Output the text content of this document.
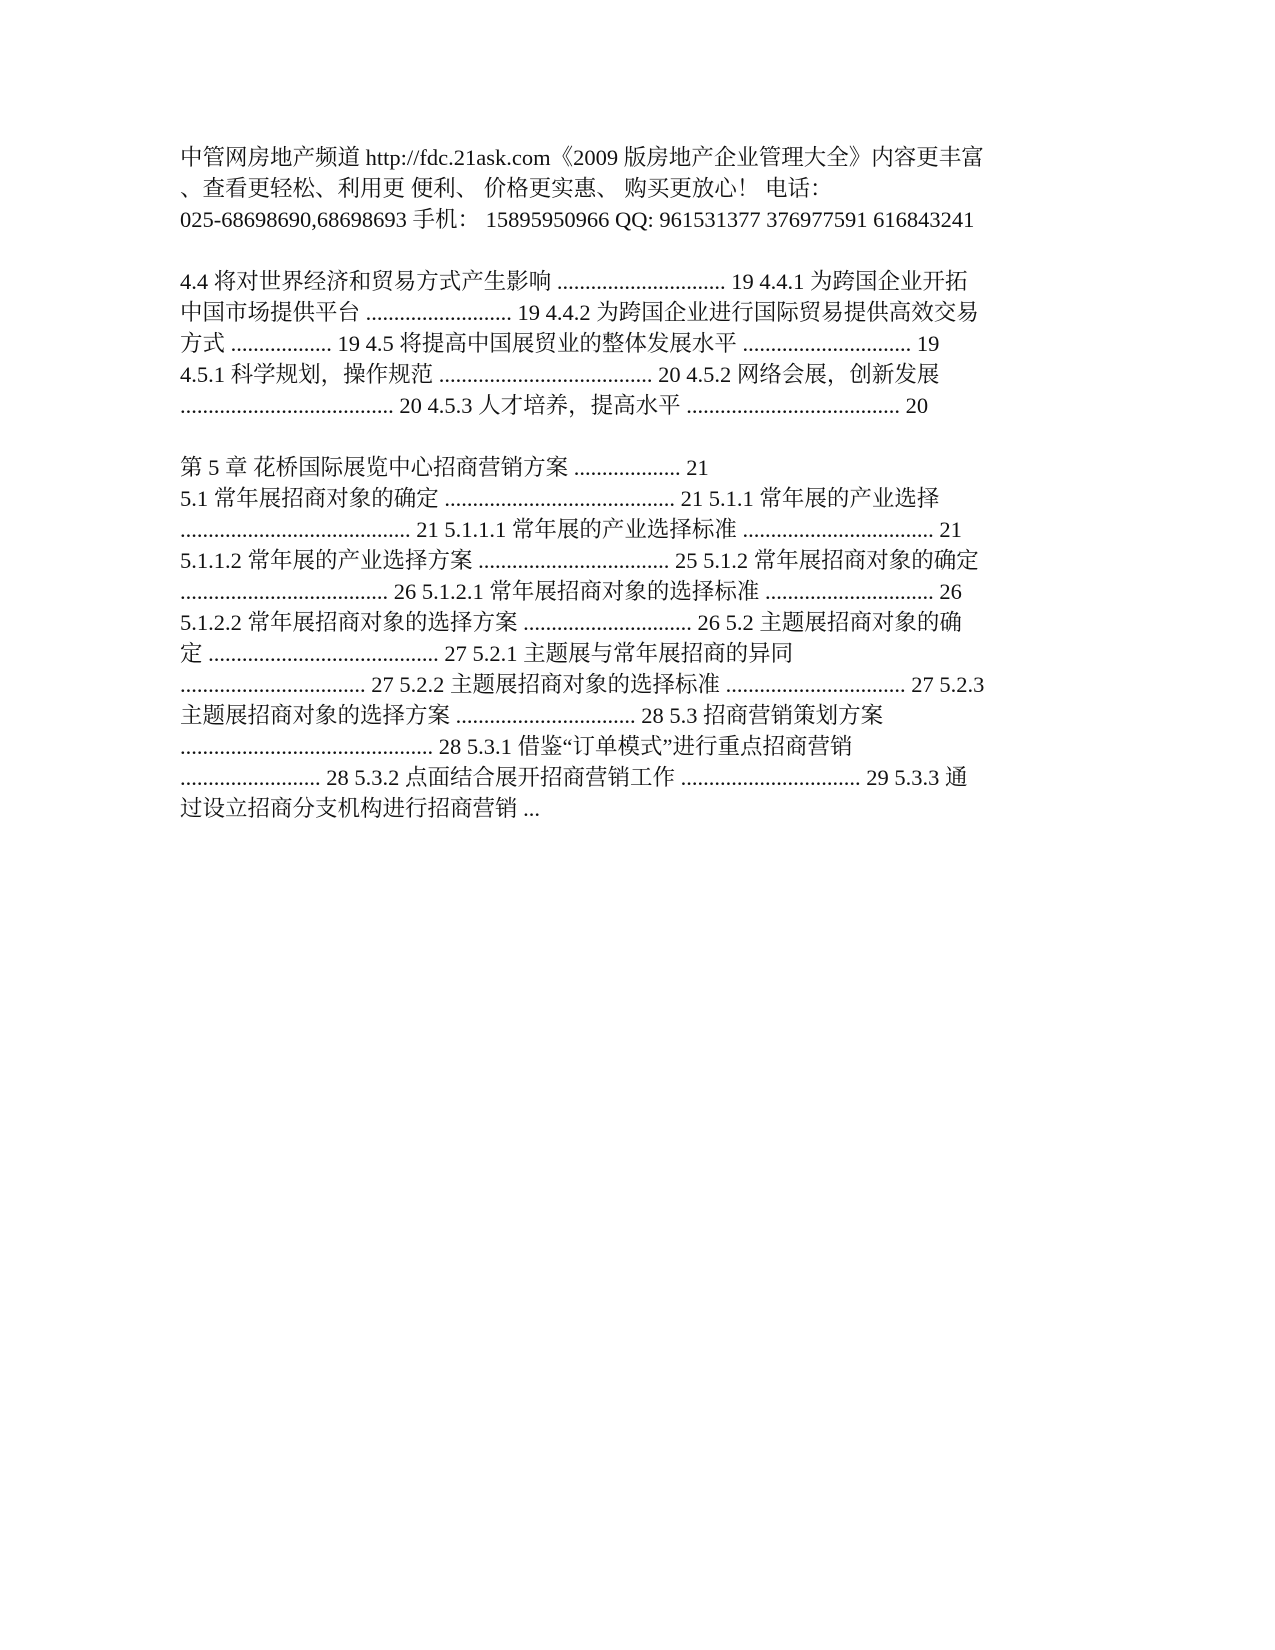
中管网房地产频道 http://fdc.21ask.com《2009 版房地产企业管理大全》内容更丰富
、查看更轻松、利用更 便利、 价格更实惠、 购买更放心！ 电话：
025-68698690,68698693 手机： 15895950966 QQ: 961531377 376977591 616843241
4.4 将对世界经济和贸易方式产生影响 .............................. 19 4.4.1 为跨国企业开拓
中国市场提供平台 .......................... 19 4.4.2 为跨国企业进行国际贸易提供高效交易
方式 .................. 19 4.5 将提高中国展贸业的整体发展水平 .............................. 19
4.5.1 科学规划，操作规范 ...................................... 20 4.5.2 网络会展，创新发展
...................................... 20 4.5.3 人才培养，提高水平 ...................................... 20
第 5 章 花桥国际展览中心招商营销方案 ................... 21
5.1 常年展招商对象的确定 ......................................... 21 5.1.1 常年展的产业选择
......................................... 21 5.1.1.1 常年展的产业选择标准 .................................. 21
5.1.1.2 常年展的产业选择方案 .................................. 25 5.1.2 常年展招商对象的确定
..................................... 26 5.1.2.1 常年展招商对象的选择标准 .............................. 26
5.1.2.2 常年展招商对象的选择方案 .............................. 26 5.2 主题展招商对象的确
定 ......................................... 27 5.2.1 主题展与常年展招商的异同
................................. 27 5.2.2 主题展招商对象的选择标准 ................................ 27 5.2.3
主题展招商对象的选择方案 ................................ 28 5.3 招商营销策划方案
............................................. 28 5.3.1 借鉴“订单模式”进行重点招商营销
......................... 28 5.3.2 点面结合展开招商营销工作 ................................ 29 5.3.3 通
过设立招商分支机构进行招商营销 ...
